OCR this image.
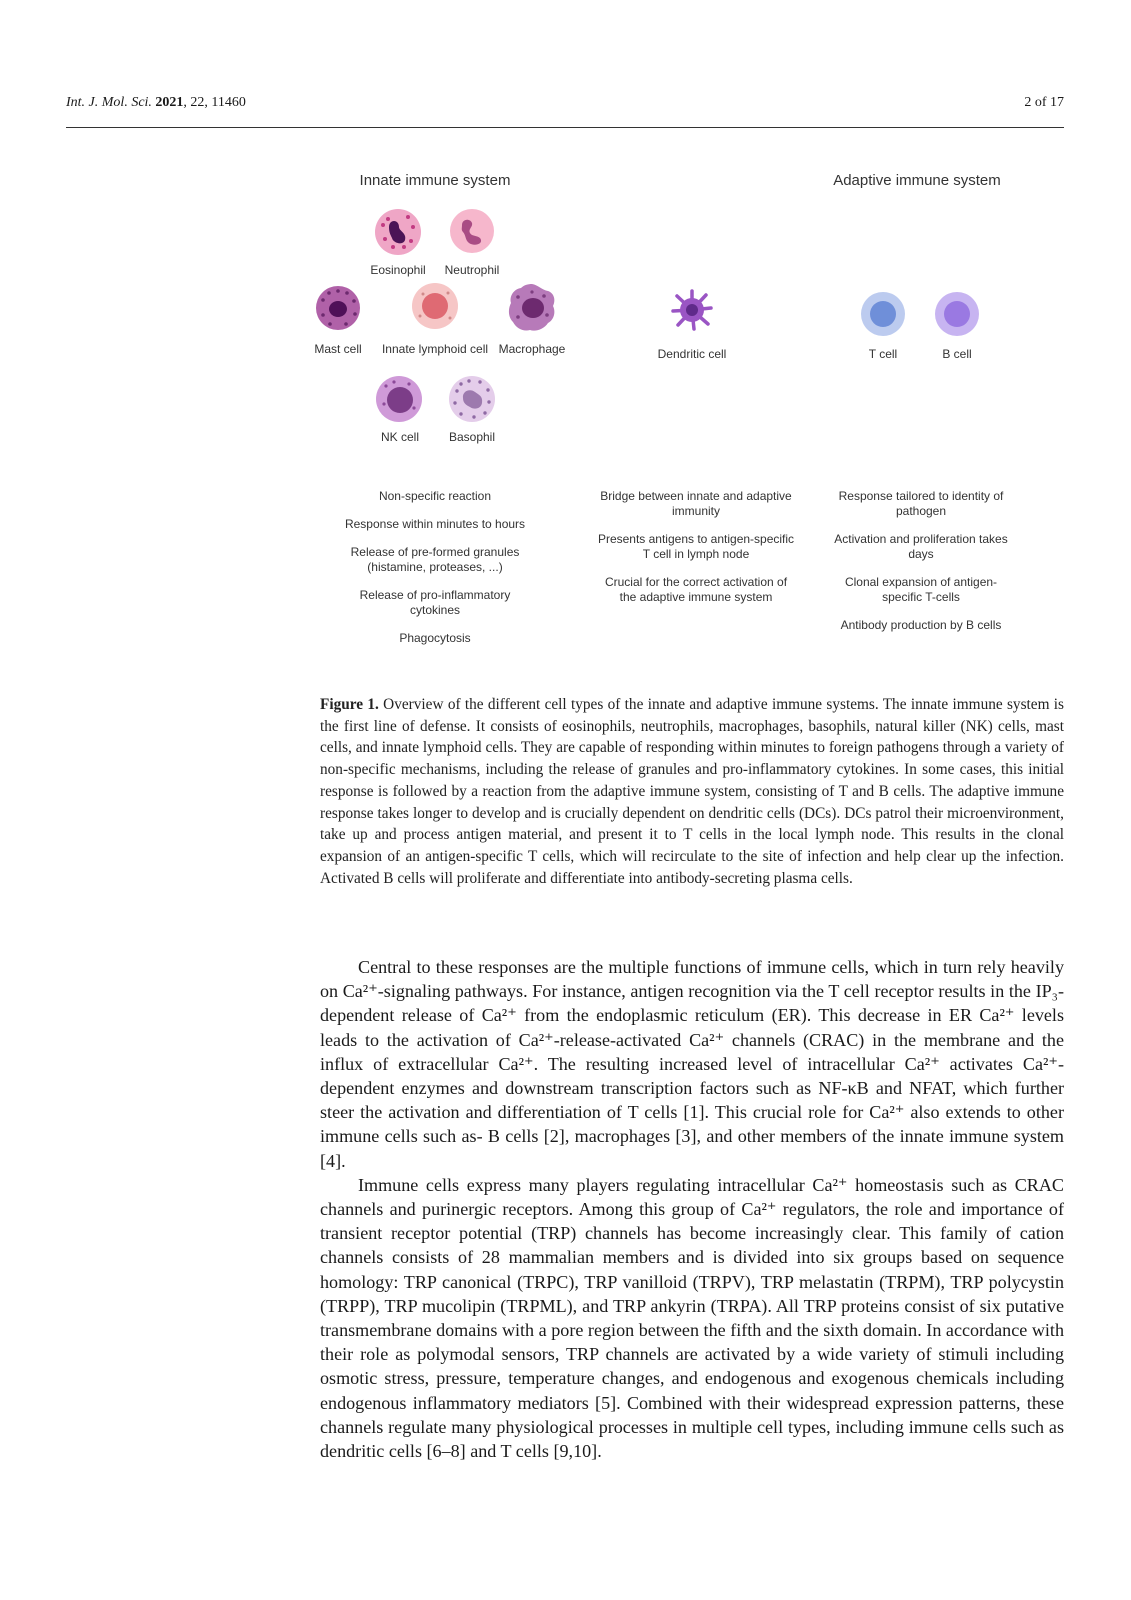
Int. J. Mol. Sci. 2021, 22, 11460	2 of 17
Innate immune system	Adaptive immune system
Eosinophil	Neutrophil
Mast cell	Innate lymphoid cell Macrophage
NK cell	Basophil
Dendritic cell	T cell	B cell

Non-specific reaction

Response within minutes to hours

Release of pre-formed granules (histamine, proteases, ...)

Release of pro-inflammatory cytokines

Phagocytosis

Bridge between innate and adaptive immunity

Presents antigens to antigen-specific T cell in lymph node

Crucial for the correct activation of the adaptive immune system

Response tailored to identity of pathogen

Activation and proliferation takes days

Clonal expansion of antigen-specific T-cells

Antibody production by B cells

Figure 1. Overview of the different cell types of the innate and adaptive immune systems. The innate immune system is the first line of defense. It consists of eosinophils, neutrophils, macrophages, basophils, natural killer (NK) cells, mast cells, and innate lymphoid cells. They are capable of responding within minutes to foreign pathogens through a variety of non-specific mechanisms, including the release of granules and pro-inflammatory cytokines. In some cases, this initial response is followed by a reaction from the adaptive immune system, consisting of T and B cells. The adaptive immune response takes longer to develop and is crucially dependent on dendritic cells (DCs). DCs patrol their microenvironment, take up and process antigen material, and present it to T cells in the local lymph node. This results in the clonal expansion of an antigen-specific T cells, which will recirculate to the site of infection and help clear up the infection. Activated B cells will proliferate and differentiate into antibody-secreting plasma cells.

Central to these responses are the multiple functions of immune cells, which in turn rely heavily on Ca²⁺-signaling pathways. For instance, antigen recognition via the T cell receptor results in the IP₃-dependent release of Ca²⁺ from the endoplasmic reticulum (ER). This decrease in ER Ca²⁺ levels leads to the activation of Ca²⁺-release-activated Ca²⁺ channels (CRAC) in the membrane and the influx of extracellular Ca²⁺. The resulting increased level of intracellular Ca²⁺ activates Ca²⁺-dependent enzymes and downstream transcription factors such as NF-κB and NFAT, which further steer the activation and differentiation of T cells [1]. This crucial role for Ca²⁺ also extends to other immune cells such as- B cells [2], macrophages [3], and other members of the innate immune system [4].

Immune cells express many players regulating intracellular Ca²⁺ homeostasis such as CRAC channels and purinergic receptors. Among this group of Ca²⁺ regulators, the role and importance of transient receptor potential (TRP) channels has become increasingly clear. This family of cation channels consists of 28 mammalian members and is divided into six groups based on sequence homology: TRP canonical (TRPC), TRP vanilloid (TRPV), TRP melastatin (TRPM), TRP polycystin (TRPP), TRP mucolipin (TRPML), and TRP ankyrin (TRPA). All TRP proteins consist of six putative transmembrane domains with a pore region between the fifth and the sixth domain. In accordance with their role as polymodal sensors, TRP channels are activated by a wide variety of stimuli including osmotic stress, pressure, temperature changes, and endogenous and exogenous chemicals including endogenous inflammatory mediators [5]. Combined with their widespread expression patterns, these channels regulate many physiological processes in multiple cell types, including immune cells such as dendritic cells [6–8] and T cells [9,10].
